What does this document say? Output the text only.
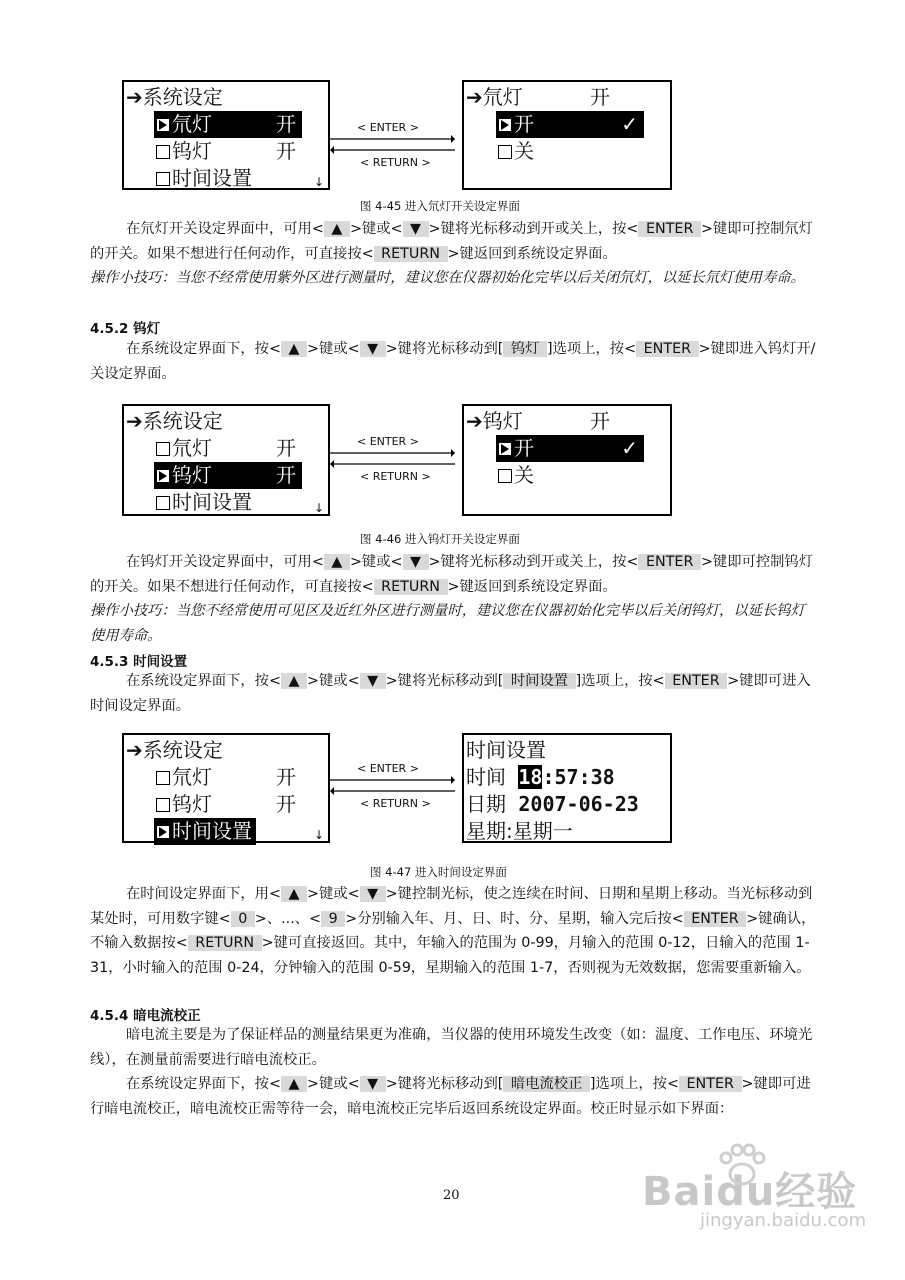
➔系统设定
氘灯	开
钨灯	开
时间设置	↓
< ENTER >
< RETURN >
➔氘灯	开
开	✓
关
图 4-45 进入氘灯开关设定界面
在氘灯开关设定界面中，可用< ▲ >键或< ▼ >键将光标移动到开或关上，按< ENTER >键即可控制氘灯的开关。如果不想进行任何动作，可直接按< RETURN >键返回到系统设定界面。
操作小技巧：当您不经常使用紫外区进行测量时，建议您在仪器初始化完毕以后关闭氘灯，以延长氘灯使用寿命。
4.5.2 钨灯
在系统设定界面下，按< ▲ >键或< ▼ >键将光标移动到[ 钨灯 ]选项上，按< ENTER >键即进入钨灯开/关设定界面。
➔系统设定
氘灯	开
钨灯	开
时间设置	↓
< ENTER >
< RETURN >
➔钨灯	开
开	✓
关
图 4-46 进入钨灯开关设定界面
在钨灯开关设定界面中，可用< ▲ >键或< ▼ >键将光标移动到开或关上，按< ENTER >键即可控制钨灯的开关。如果不想进行任何动作，可直接按< RETURN >键返回到系统设定界面。
操作小技巧：当您不经常使用可见区及近红外区进行测量时，建议您在仪器初始化完毕以后关闭钨灯，以延长钨灯使用寿命。
4.5.3 时间设置
在系统设定界面下，按< ▲ >键或< ▼ >键将光标移动到[ 时间设置 ]选项上，按< ENTER >键即可进入时间设定界面。
➔系统设定
氘灯	开
钨灯	开
时间设置	↓
< ENTER >
< RETURN >
时间设置
时间 18:57:38
日期 2007-06-23
星期:星期一
图 4-47 进入时间设定界面
在时间设定界面下，用< ▲ >键或< ▼ >键控制光标，使之连续在时间、日期和星期上移动。当光标移动到某处时，可用数字键< 0 >、...、< 9 >分别输入年、月、日、时、分、星期，输入完后按< ENTER >键确认，不输入数据按< RETURN >键可直接返回。其中，年输入的范围为 0-99，月输入的范围 0-12，日输入的范围 1-31，小时输入的范围 0-24，分钟输入的范围 0-59，星期输入的范围 1-7，否则视为无效数据，您需要重新输入。
4.5.4 暗电流校正
暗电流主要是为了保证样品的测量结果更为准确，当仪器的使用环境发生改变（如：温度、工作电压、环境光线），在测量前需要进行暗电流校正。
在系统设定界面下，按< ▲ >键或< ▼ >键将光标移动到[ 暗电流校正 ]选项上，按< ENTER >键即可进行暗电流校正，暗电流校正需等待一会，暗电流校正完毕后返回系统设定界面。校正时显示如下界面：
20	Baidu经验
jingyan.baidu.com
